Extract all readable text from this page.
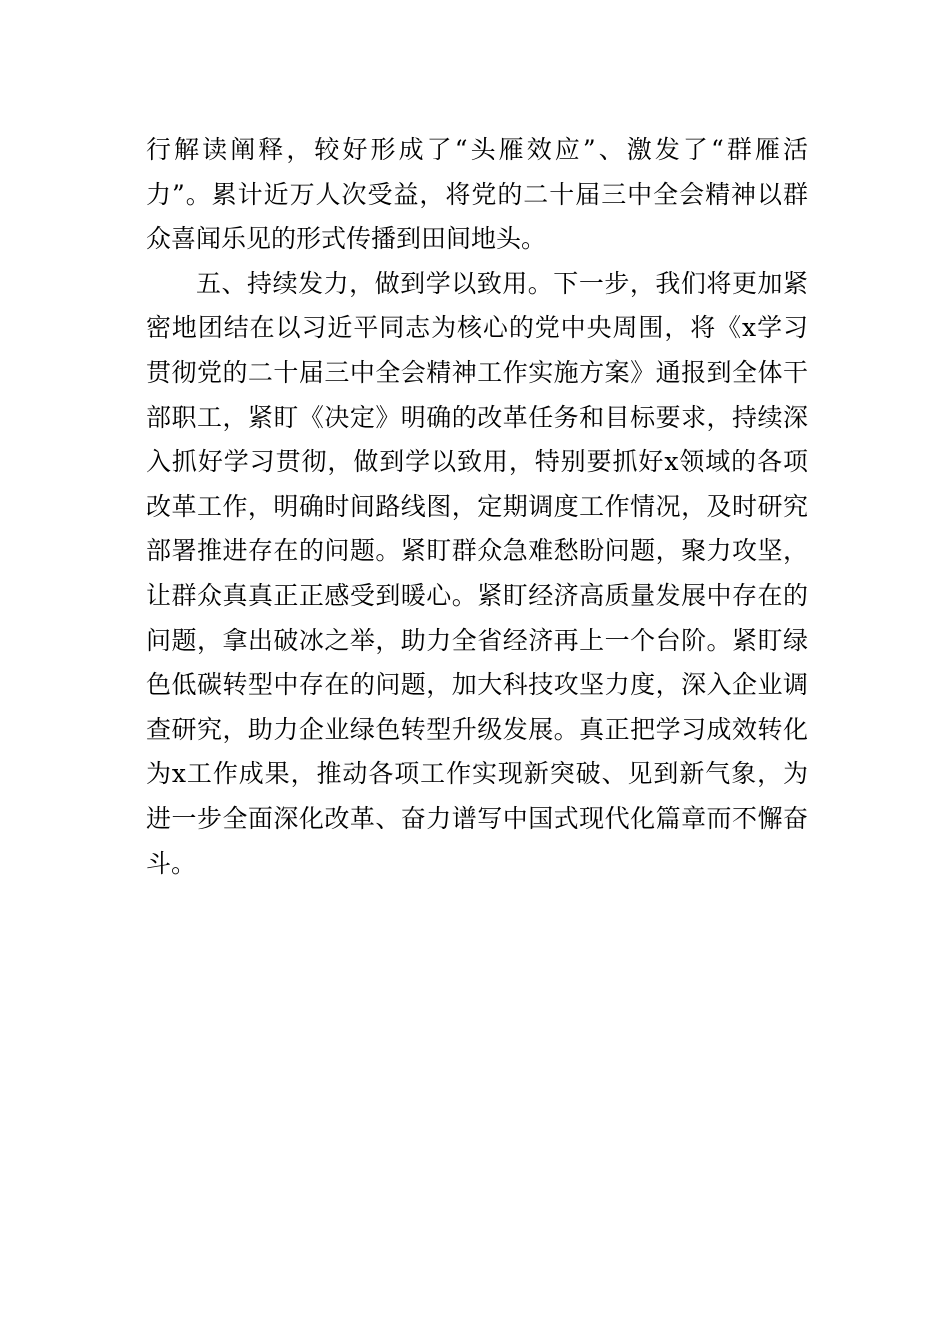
行解读阐释，较好形成了“头雁效应”、激发了“群雁活
力”。累计近万人次受益，将党的二十届三中全会精神以群
众喜闻乐见的形式传播到田间地头。
五、持续发力，做到学以致用。下一步，我们将更加紧
密地团结在以习近平同志为核心的党中央周围，将《x学习
贯彻党的二十届三中全会精神工作实施方案》通报到全体干
部职工，紧盯《决定》明确的改革任务和目标要求，持续深
入抓好学习贯彻，做到学以致用，特别要抓好x领域的各项
改革工作，明确时间路线图，定期调度工作情况，及时研究
部署推进存在的问题。紧盯群众急难愁盼问题，聚力攻坚，
让群众真真正正感受到暖心。紧盯经济高质量发展中存在的
问题，拿出破冰之举，助力全省经济再上一个台阶。紧盯绿
色低碳转型中存在的问题，加大科技攻坚力度，深入企业调
查研究，助力企业绿色转型升级发展。真正把学习成效转化
为x工作成果，推动各项工作实现新突破、见到新气象，为
进一步全面深化改革、奋力谱写中国式现代化篇章而不懈奋
斗。
